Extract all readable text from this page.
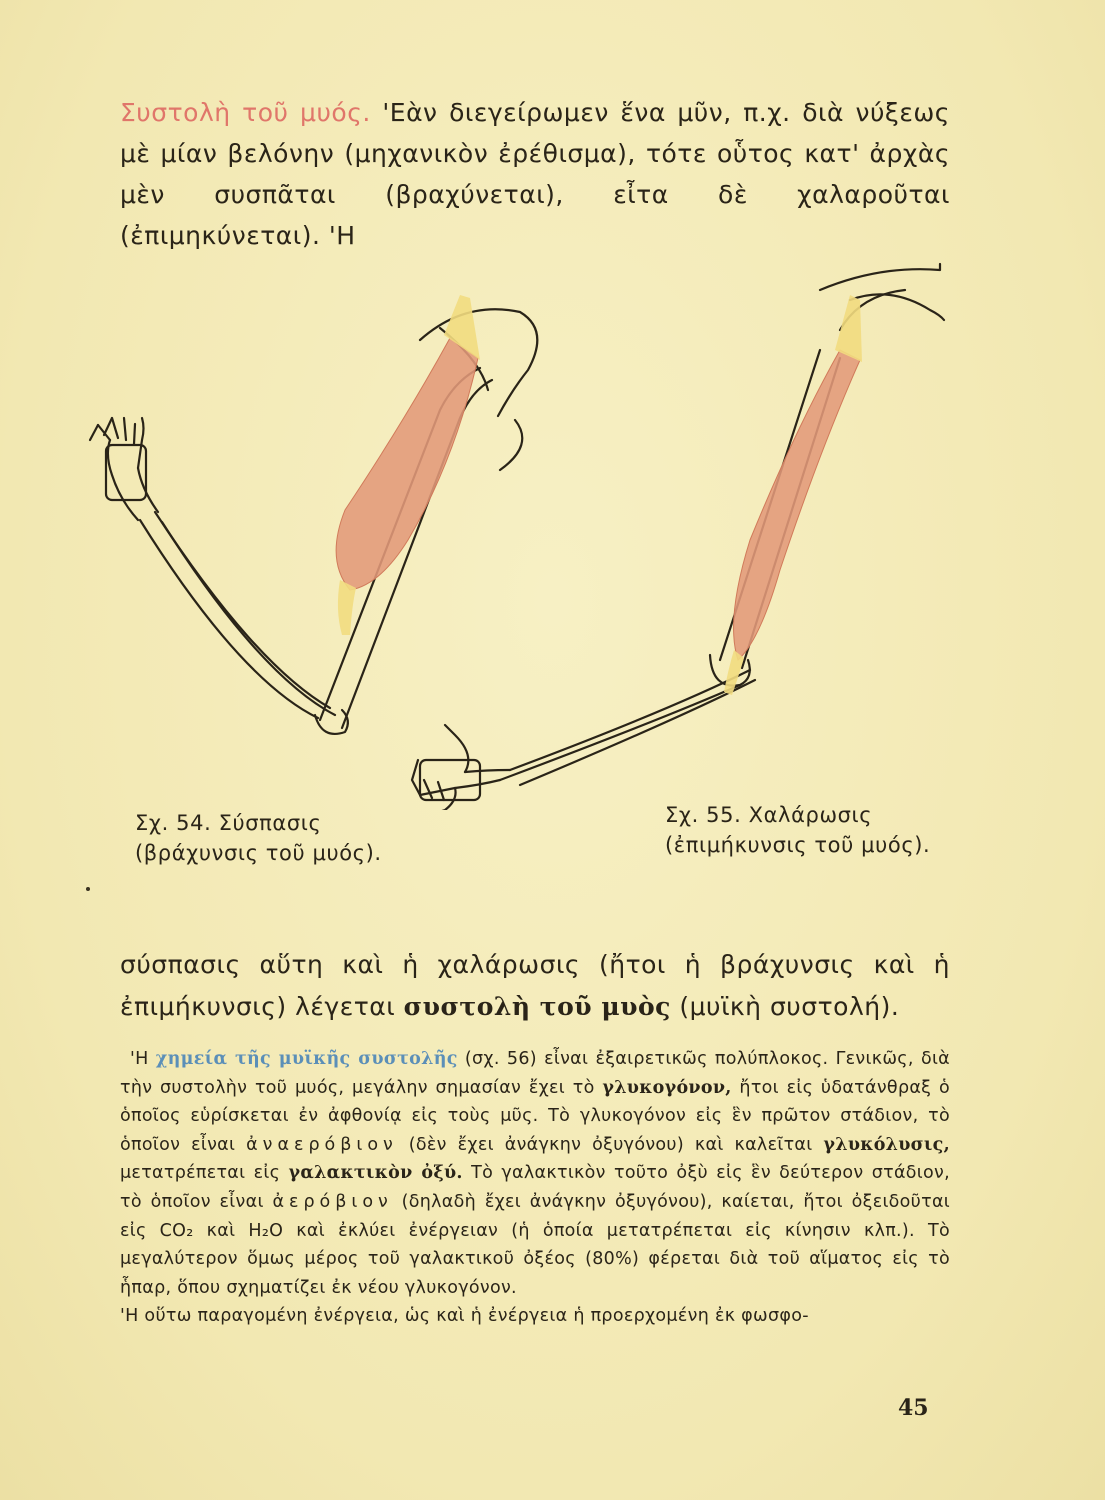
Συστολὴ τοῦ μυός. 'Εὰν διεγείρωμεν ἕνα μῦν, π.χ. διὰ νύξεως μὲ μίαν βελόνην (μηχανικὸν ἐρέθισμα), τότε οὗτος κατ' ἀρχὰς μὲν συσπᾶται (βραχύνεται), εἶτα δὲ χαλαροῦται (ἐπιμηκύνεται). 'Η
Σχ. 54. Σύσπασις (βράχυνσις τοῦ μυός).
Σχ. 55. Χαλάρωσις (ἐπιμήκυνσις τοῦ μυός).
σύσπασις αὕτη καὶ ἡ χαλάρωσις (ἤτοι ἡ βράχυνσις καὶ ἡ ἐπιμήκυνσις) λέγεται συστολὴ τοῦ μυὸς (μυϊκὴ συστολή).
'Η χημεία τῆς μυϊκῆς συστολῆς (σχ. 56) εἶναι ἐξαιρετικῶς πολύπλοκος. Γενικῶς, διὰ τὴν συστολὴν τοῦ μυός, μεγάλην σημασίαν ἔχει τὸ γλυκογόνον, ἤτοι εἰς ὑδατάνθραξ ὁ ὁποῖος εὑρίσκεται ἐν ἀφθονίᾳ εἰς τοὺς μῦς. Τὸ γλυκογόνον εἰς ἓν πρῶτον στάδιον, τὸ ὁποῖον εἶναι ἀναερόβιον (δὲν ἔχει ἀνάγκην ὀξυγόνου) καὶ καλεῖται γλυκόλυσις, μετατρέπεται εἰς γαλακτικὸν ὀξύ. Τὸ γαλακτικὸν τοῦτο ὀξὺ εἰς ἓν δεύτερον στάδιον, τὸ ὁποῖον εἶναι ἀερόβιον (δηλαδὴ ἔχει ἀνάγκην ὀξυγόνου), καίεται, ἤτοι ὀξειδοῦται εἰς CO₂ καὶ H₂O καὶ ἐκλύει ἐνέργειαν (ἡ ὁποία μετατρέπεται εἰς κίνησιν κλπ.). Τὸ μεγαλύτερον ὅμως μέρος τοῦ γαλακτικοῦ ὀξέος (80%) φέρεται διὰ τοῦ αἵματος εἰς τὸ ἧπαρ, ὅπου σχηματίζει ἐκ νέου γλυκογόνον.
'Η οὕτω παραγομένη ἐνέργεια, ὡς καὶ ἡ ἐνέργεια ἡ προερχομένη ἐκ φωσφο-
45
